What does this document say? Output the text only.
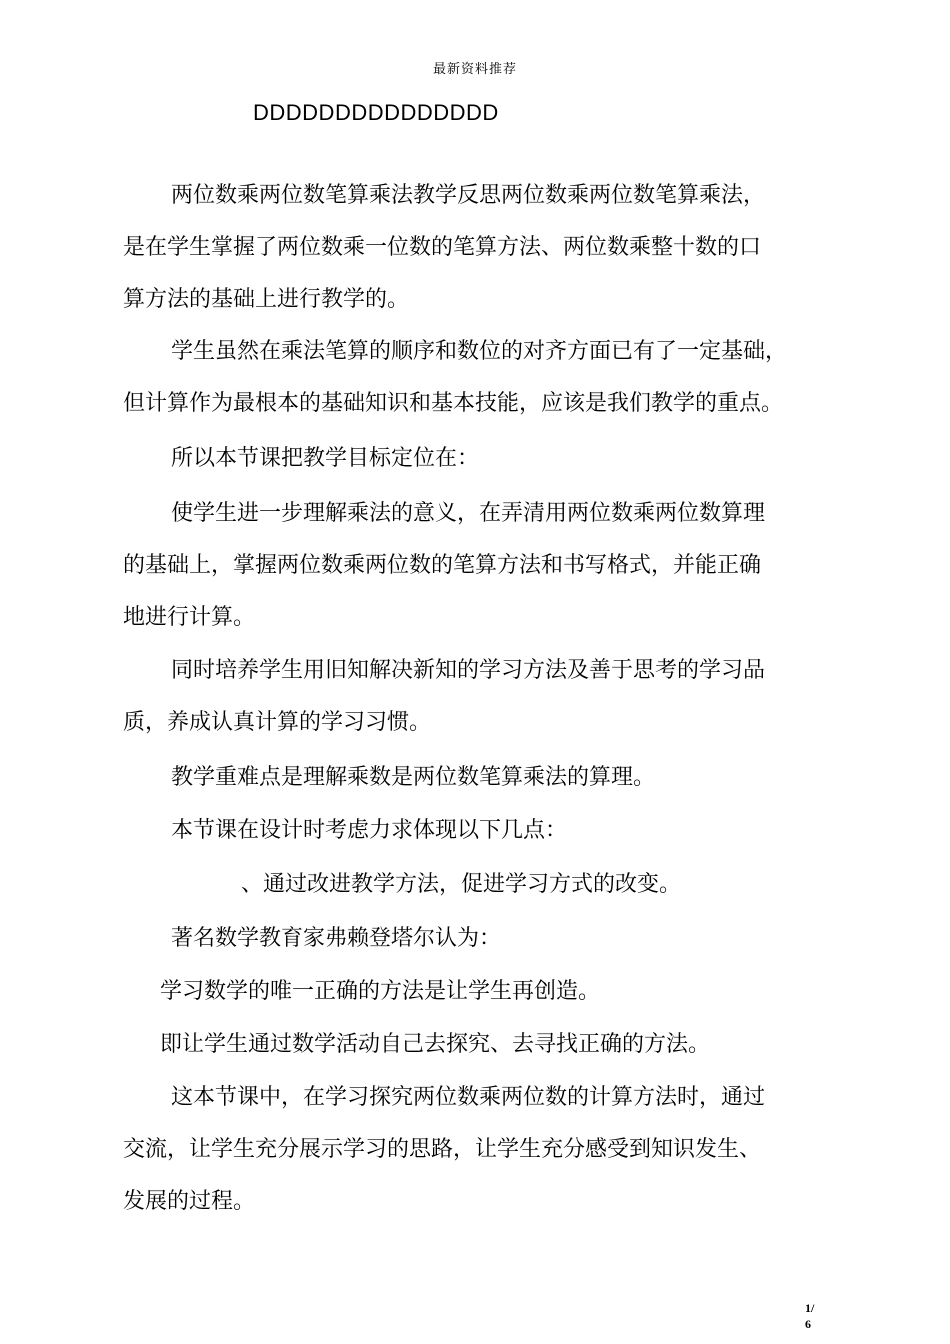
最新资料推荐
DDDDDDDDDDDDDDD

两位数乘两位数笔算乘法教学反思两位数乘两位数笔算乘法，
是在学生掌握了两位数乘一位数的笔算方法、两位数乘整十数的口
算方法的基础上进行教学的。

学生虽然在乘法笔算的顺序和数位的对齐方面已有了一定基础，
但计算作为最根本的基础知识和基本技能，应该是我们教学的重点。

所以本节课把教学目标定位在：

使学生进一步理解乘法的意义，在弄清用两位数乘两位数算理
的基础上，掌握两位数乘两位数的笔算方法和书写格式，并能正确
地进行计算。

同时培养学生用旧知解决新知的学习方法及善于思考的学习品
质，养成认真计算的学习习惯。

教学重难点是理解乘数是两位数笔算乘法的算理。

本节课在设计时考虑力求体现以下几点：

、通过改进教学方法，促进学习方式的改变。

著名数学教育家弗赖登塔尔认为：

学习数学的唯一正确的方法是让学生再创造。

即让学生通过数学活动自己去探究、去寻找正确的方法。

这本节课中，在学习探究两位数乘两位数的计算方法时，通过
交流，让学生充分展示学习的思路，让学生充分感受到知识发生、
发展的过程。

1/
6
